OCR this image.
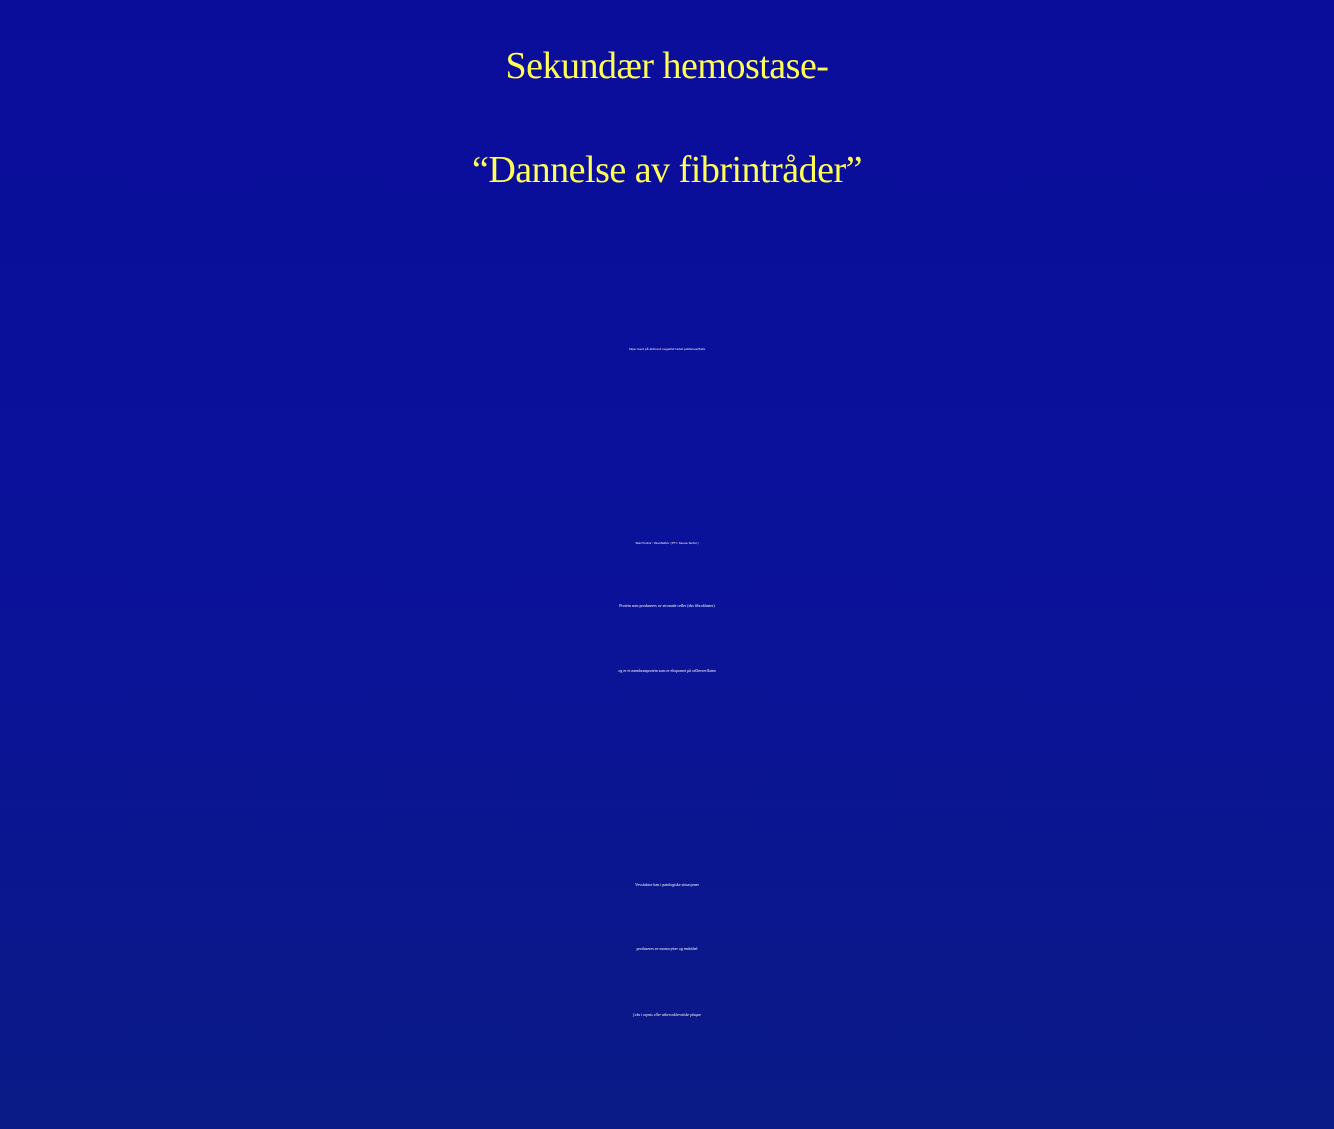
Sekundær hemostase-
“Dannelse av fibrintråder”
Skjer best på aktivert negativt ladet plateoverflate
Startmotor: Vevsfaktor (TF= tissue factor)
Protein som produseres av stromale celler (eks fibroblaster)
og er et membranprotein som er eksponert på celleoverflaten
Vevsfaktor kan i patologiske situasjoner
produseres av monocytter og endothel
f.eks i sepsis eller atherosklerotiske plaque
